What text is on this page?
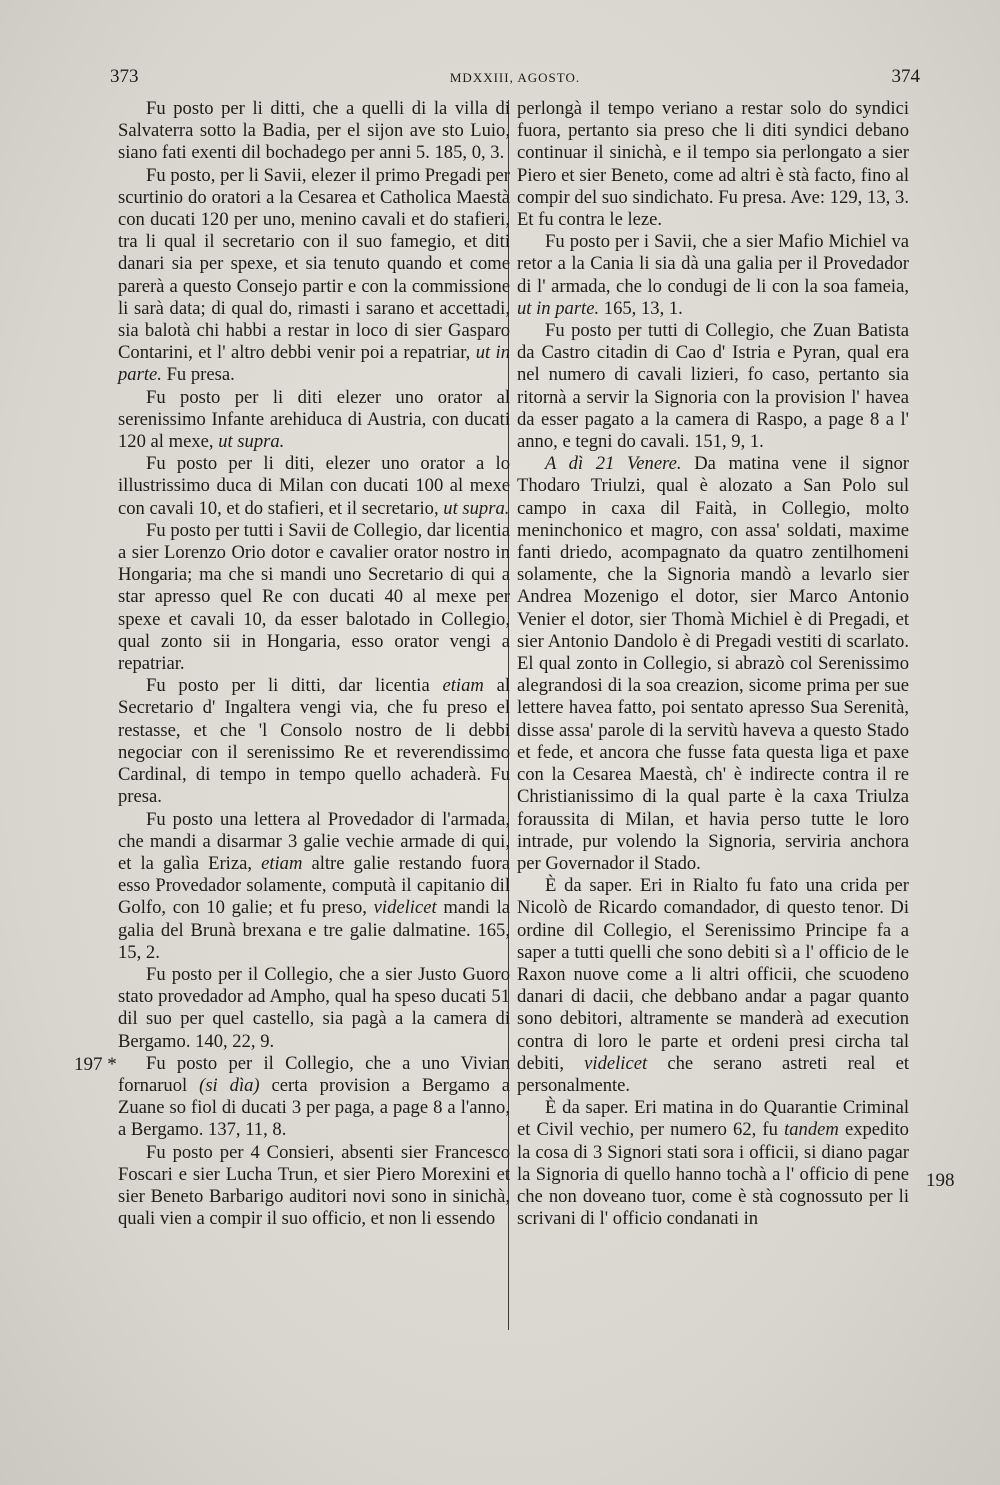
373	MDXXIII, AGOSTO.	374
197 *
198

Fu posto per li ditti, che a quelli di la villa di Salvaterra sotto la Badia, per el sijon ave sto Luio, siano fati exenti dil bochadego per anni 5. 185, 0, 3.

Fu posto, per li Savii, elezer il primo Pregadi per scurtinio do oratori a la Cesarea et Catholica Maestà con ducati 120 per uno, menino cavali et do stafieri, tra li qual il secretario con il suo famegio, et diti danari sia per spexe, et sia tenuto quando et come parerà a questo Consejo partir e con la commissione li sarà data; di qual do, rimasti i sarano et accettadi, sia balotà chi habbi a restar in loco di sier Gasparo Contarini, et l' altro debbi venir poi a repatriar, ut in parte. Fu presa.

Fu posto per li diti elezer uno orator al serenissimo Infante arehiduca di Austria, con ducati 120 al mexe, ut supra.

Fu posto per li diti, elezer uno orator a lo illustrissimo duca di Milan con ducati 100 al mexe con cavali 10, et do stafieri, et il secretario, ut supra.

Fu posto per tutti i Savii de Collegio, dar licentia a sier Lorenzo Orio dotor e cavalier orator nostro in Hongaria; ma che si mandi uno Secretario di qui a star apresso quel Re con ducati 40 al mexe per spexe et cavali 10, da esser balotado in Collegio, qual zonto sii in Hongaria, esso orator vengi a repatriar.

Fu posto per li ditti, dar licentia etiam al Secretario d' Ingaltera vengi via, che fu preso el restasse, et che 'l Consolo nostro de li debbi negociar con il serenissimo Re et reverendissimo Cardinal, di tempo in tempo quello achaderà. Fu presa.

Fu posto una lettera al Provedador di l'armada, che mandi a disarmar 3 galie vechie armade di qui, et la galìa Eriza, etiam altre galie restando fuora esso Provedador solamente, computà il capitanio dil Golfo, con 10 galie; et fu preso, videlicet mandi la galia del Brunà brexana e tre galie dalmatine. 165, 15, 2.

Fu posto per il Collegio, che a sier Justo Guoro stato provedador ad Ampho, qual ha speso ducati 51 dil suo per quel castello, sia pagà a la camera di Bergamo. 140, 22, 9.

Fu posto per il Collegio, che a uno Vivian fornaruol (si dìa) certa provision a Bergamo a Zuane so fiol di ducati 3 per paga, a page 8 a l'anno, a Bergamo. 137, 11, 8.

Fu posto per 4 Consieri, absenti sier Francesco Foscari e sier Lucha Trun, et sier Piero Morexini et sier Beneto Barbarigo auditori novi sono in sinichà, quali vien a compir il suo officio, et non li essendo

perlongà il tempo veriano a restar solo do syndici fuora, pertanto sia preso che li diti syndici debano continuar il sinichà, e il tempo sia perlongato a sier Piero et sier Beneto, come ad altri è stà facto, fino al compir del suo sindichato. Fu presa. Ave: 129, 13, 3. Et fu contra le leze.

Fu posto per i Savii, che a sier Mafio Michiel va retor a la Cania li sia dà una galia per il Provedador di l' armada, che lo condugi de li con la soa fameia, ut in parte. 165, 13, 1.

Fu posto per tutti di Collegio, che Zuan Batista da Castro citadin di Cao d' Istria e Pyran, qual era nel numero di cavali lizieri, fo caso, pertanto sia ritornà a servir la Signoria con la provision l' havea da esser pagato a la camera di Raspo, a page 8 a l' anno, e tegni do cavali. 151, 9, 1.

A dì 21 Venere. Da matina vene il signor Thodaro Triulzi, qual è alozato a San Polo sul campo in caxa dil Faità, in Collegio, molto meninchonico et magro, con assa' soldati, maxime fanti driedo, acompagnato da quatro zentilhomeni solamente, che la Signoria mandò a levarlo sier Andrea Mozenigo el dotor, sier Marco Antonio Venier el dotor, sier Thomà Michiel è di Pregadi, et sier Antonio Dandolo è di Pregadi vestiti di scarlato. El qual zonto in Collegio, si abrazò col Serenissimo alegrandosi di la soa creazion, sicome prima per sue lettere havea fatto, poi sentato apresso Sua Serenità, disse assa' parole di la servitù haveva a questo Stado et fede, et ancora che fusse fata questa liga et paxe con la Cesarea Maestà, ch' è indirecte contra il re Christianissimo di la qual parte è la caxa Triulza foraussita di Milan, et havia perso tutte le loro intrade, pur volendo la Signoria, serviria anchora per Governador il Stado.

È da saper. Eri in Rialto fu fato una crida per Nicolò de Ricardo comandador, di questo tenor. Di ordine dil Collegio, el Serenissimo Principe fa a saper a tutti quelli che sono debiti sì a l' officio de le Raxon nuove come a li altri officii, che scuodeno danari di dacii, che debbano andar a pagar quanto sono debitori, altramente se manderà ad execution contra di loro le parte et ordeni presi circha tal debiti, videlicet che serano astreti real et personalmente.

È da saper. Eri matina in do Quarantie Criminal et Civil vechio, per numero 62, fu tandem expedito la cosa di 3 Signori stati sora i officii, si diano pagar la Signoria di quello hanno tochà a l' officio di pene che non doveano tuor, come è stà cognossuto per li scrivani di l' officio condanati in
